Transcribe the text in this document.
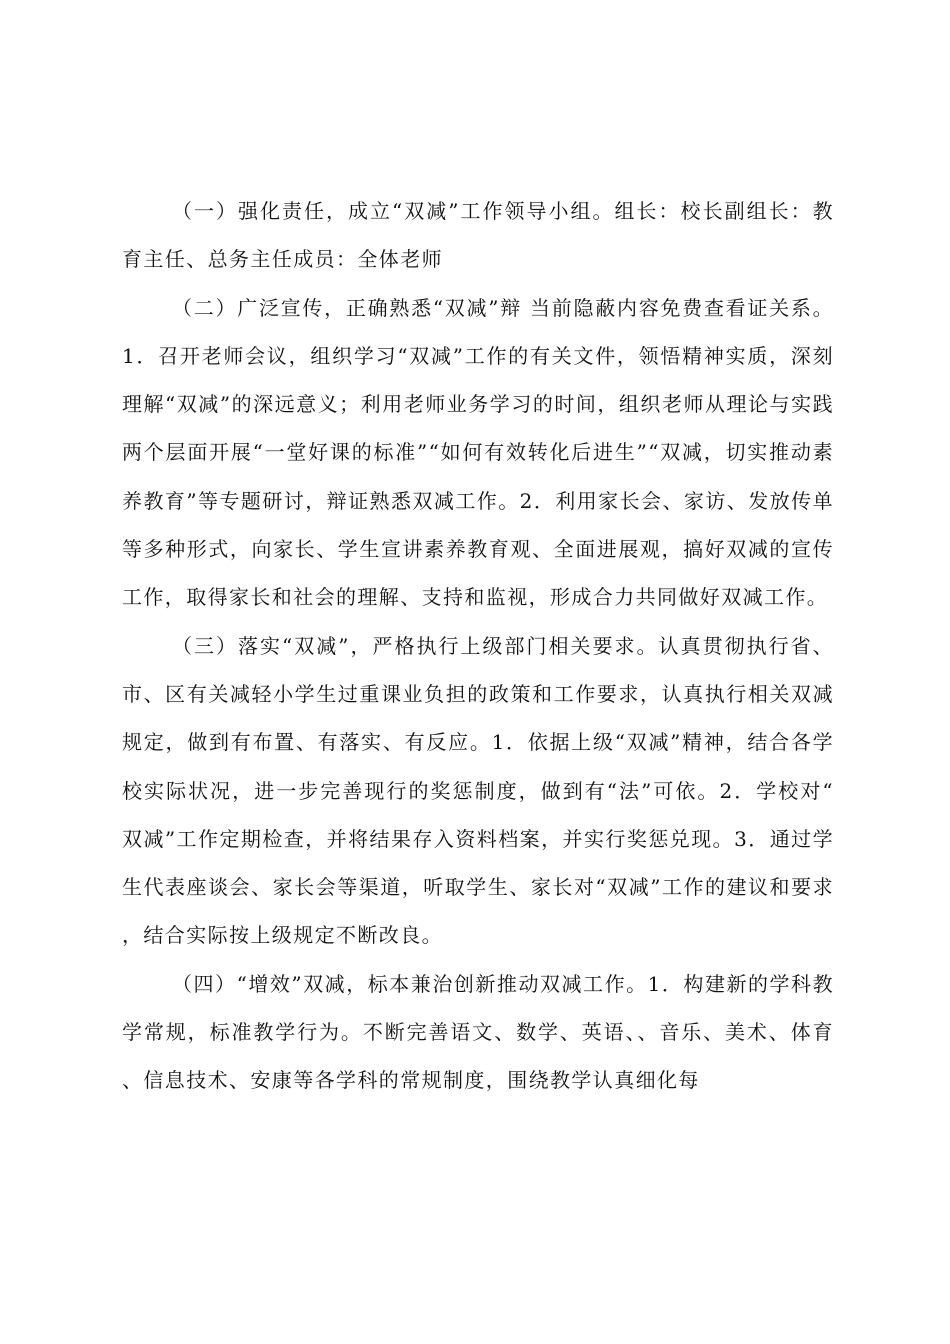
（一）强化责任，成立“双减”工作领导小组。组长：校长副组长：教育主任、总务主任成员：全体老师

（二）广泛宣传，正确熟悉“双减”辩 当前隐蔽内容免费查看证关系。1．召开老师会议，组织学习“双减”工作的有关文件，领悟精神实质，深刻理解“双减”的深远意义；利用老师业务学习的时间，组织老师从理论与实践两个层面开展“一堂好课的标准”“如何有效转化后进生”“双减，切实推动素养教育”等专题研讨，辩证熟悉双减工作。2．利用家长会、家访、发放传单等多种形式，向家长、学生宣讲素养教育观、全面进展观，搞好双减的宣传工作，取得家长和社会的理解、支持和监视，形成合力共同做好双减工作。

（三）落实“双减”，严格执行上级部门相关要求。认真贯彻执行省、市、区有关减轻小学生过重课业负担的政策和工作要求，认真执行相关双减规定，做到有布置、有落实、有反应。1．依据上级“双减”精神，结合各学校实际状况，进一步完善现行的奖惩制度，做到有“法”可依。2．学校对“双减”工作定期检查，并将结果存入资料档案，并实行奖惩兑现。3．通过学生代表座谈会、家长会等渠道，听取学生、家长对“双减”工作的建议和要求，结合实际按上级规定不断改良。

（四）“增效”双减，标本兼治创新推动双减工作。1．构建新的学科教学常规，标准教学行为。不断完善语文、数学、英语、、音乐、美术、体育、信息技术、安康等各学科的常规制度，围绕教学认真细化每
